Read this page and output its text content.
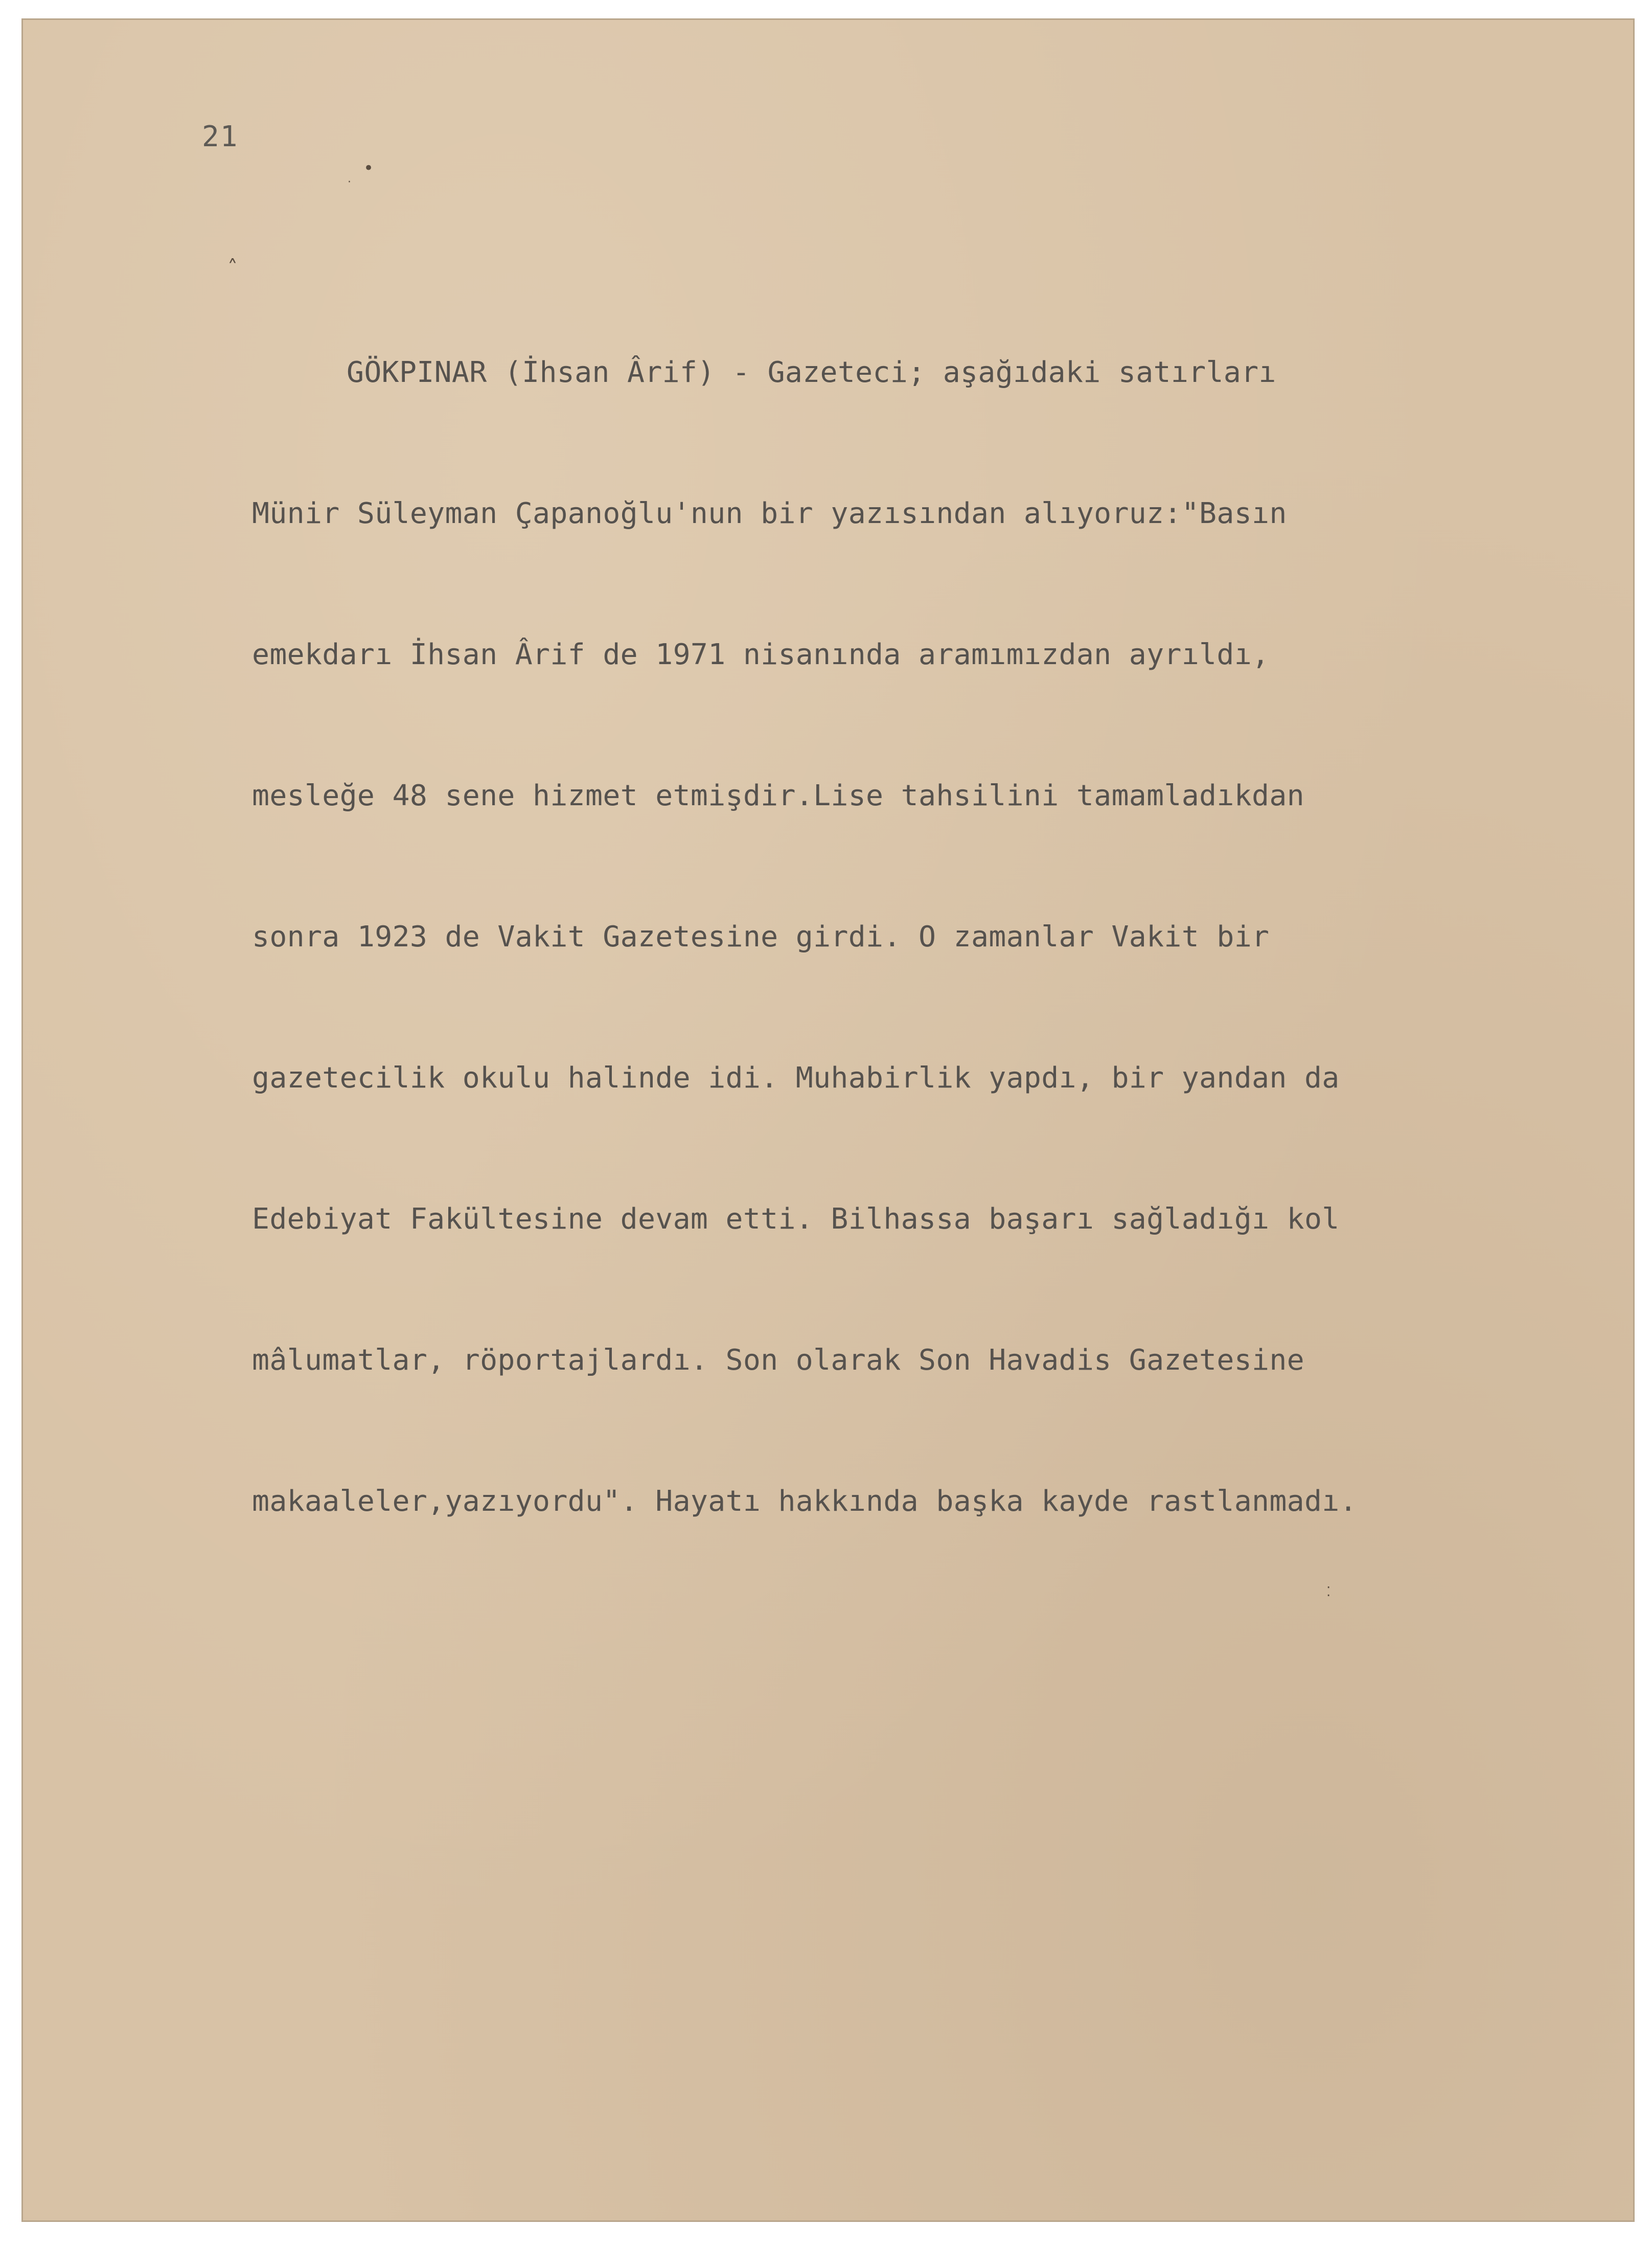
21
•
·
˄

GÖKPINAR (İhsan Ârif) - Gazeteci; aşağıdaki satırları

Münir Süleyman Çapanoğlu'nun bir yazısından alıyoruz:"Basın

emekdarı İhsan Ârif de 1971 nisanında aramımızdan ayrıldı,

mesleğe 48 sene hizmet etmişdir.Lise tahsilini tamamladıkdan

sonra 1923 de Vakit Gazetesine girdi. O zamanlar Vakit bir

gazetecilik okulu halinde idi. Muhabirlik yapdı, bir yandan da

Edebiyat Fakültesine devam etti. Bilhassa başarı sağladığı kol

mâlumatlar, röportajlardı. Son olarak Son Havadis Gazetesine

makaaleler,yazıyordu". Hayatı hakkında başka kayde rastlanmadı.

⁚
